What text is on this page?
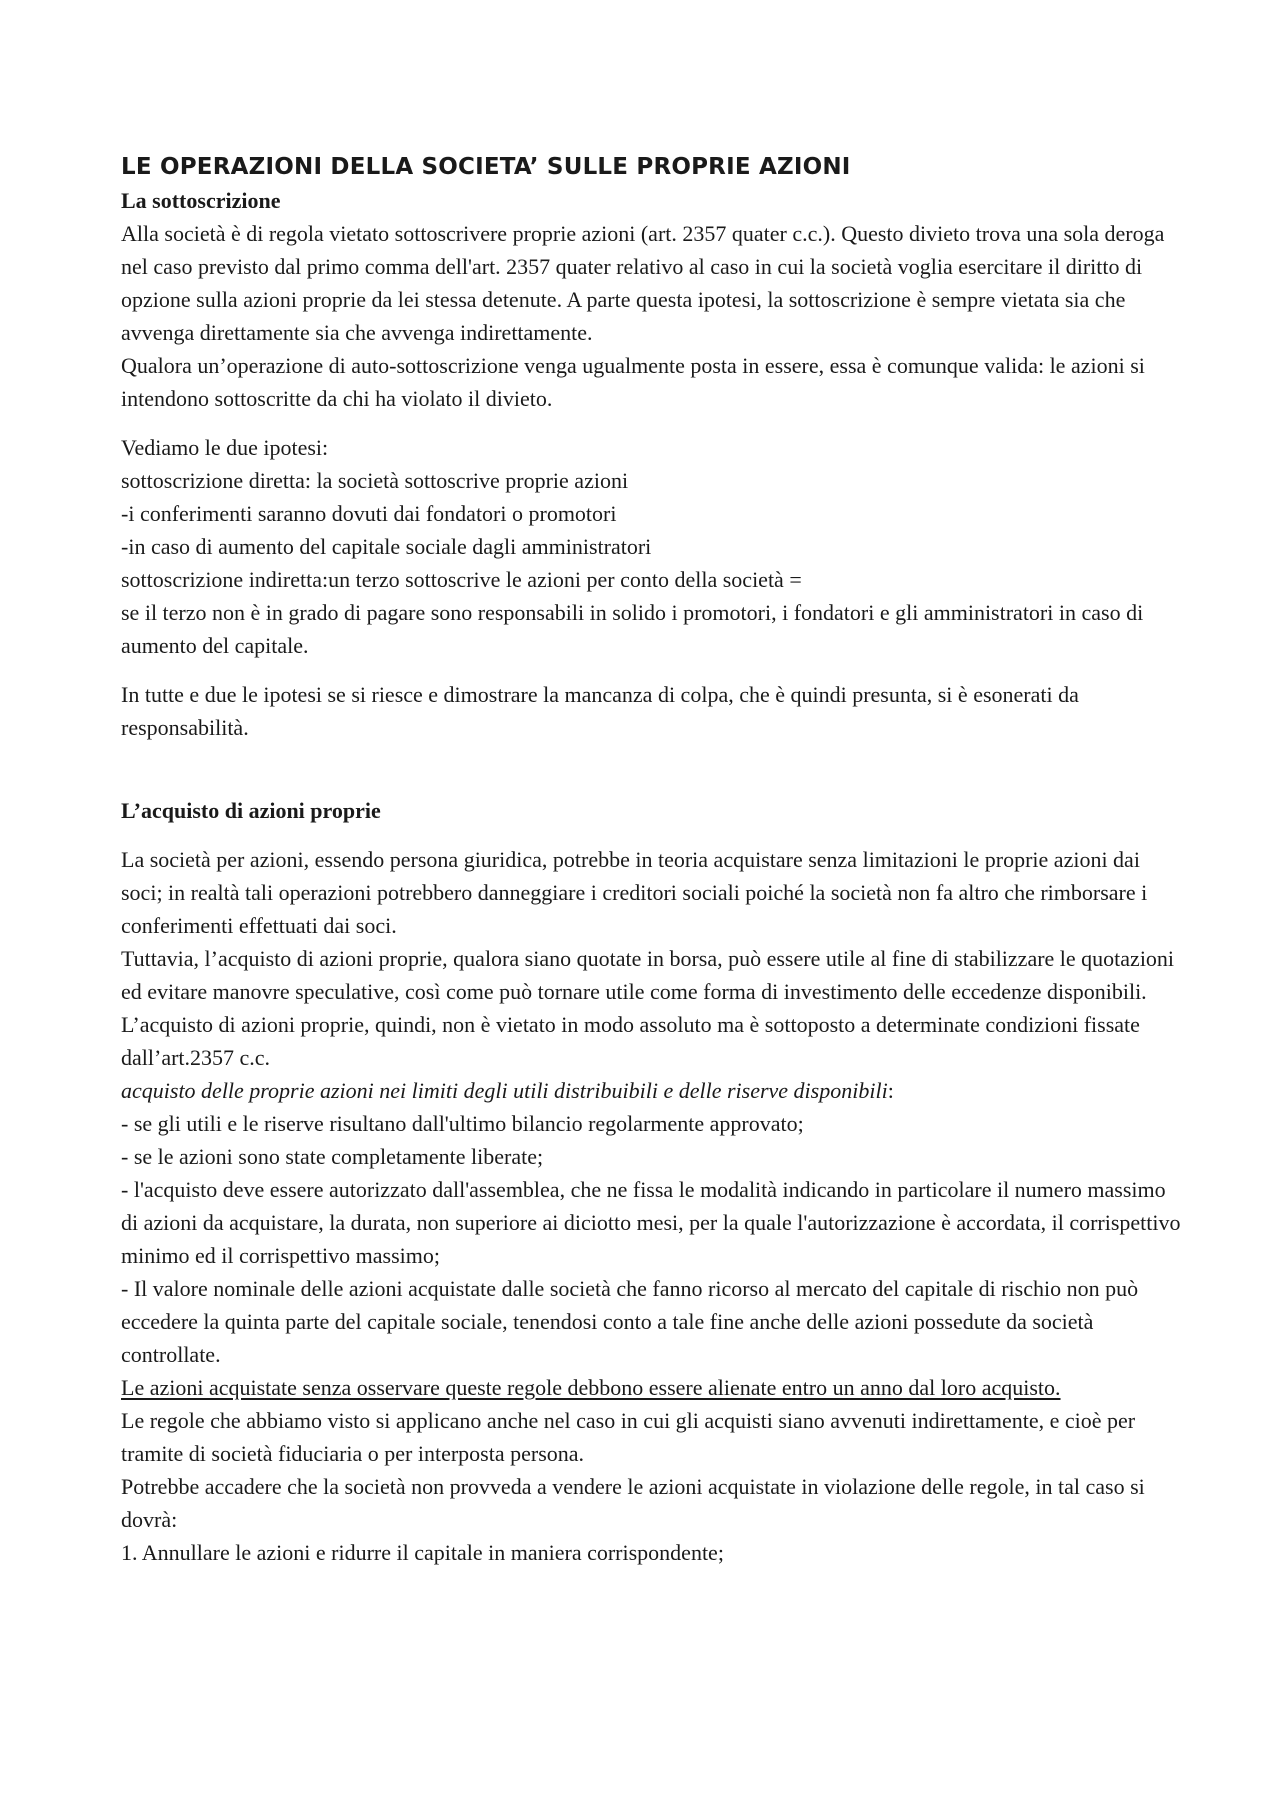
LE OPERAZIONI DELLA SOCIETA’ SULLE PROPRIE AZIONI

La sottoscrizione

Alla società è di regola vietato sottoscrivere proprie azioni (art. 2357 quater c.c.). Questo divieto trova una sola deroga nel caso previsto dal primo comma dell'art. 2357 quater relativo al caso in cui la società voglia esercitare il diritto di opzione sulla azioni proprie da lei stessa detenute. A parte questa ipotesi, la sottoscrizione è sempre vietata sia che avvenga direttamente sia che avvenga indirettamente.

Qualora un’operazione di auto-sottoscrizione venga ugualmente posta in essere, essa è comunque valida: le azioni si intendono sottoscritte da chi ha violato il divieto.

Vediamo le due ipotesi:

sottoscrizione diretta: la società sottoscrive proprie azioni

-i conferimenti saranno dovuti dai fondatori o promotori

-in caso di aumento del capitale sociale dagli amministratori

sottoscrizione indiretta:un terzo sottoscrive le azioni per conto della società =

se il terzo non è in grado di pagare sono responsabili in solido i promotori, i fondatori e gli amministratori in caso di aumento del capitale.

In tutte e due le ipotesi se si riesce e dimostrare la mancanza di colpa, che è quindi presunta, si è esonerati da responsabilità.

L’acquisto di azioni proprie

La società per azioni, essendo persona giuridica, potrebbe in teoria acquistare senza limitazioni le proprie azioni dai soci; in realtà tali operazioni potrebbero danneggiare i creditori sociali poiché la società non fa altro che rimborsare i conferimenti effettuati dai soci.

Tuttavia, l’acquisto di azioni proprie, qualora siano quotate in borsa, può essere utile al fine di stabilizzare le quotazioni ed evitare manovre speculative, così come può tornare utile come forma di investimento delle eccedenze disponibili.

L’acquisto di azioni proprie, quindi, non è vietato in modo assoluto ma è sottoposto a determinate condizioni fissate dall’art.2357 c.c.

acquisto delle proprie azioni nei limiti degli utili distribuibili e delle riserve disponibili:

- se gli utili e le riserve risultano dall'ultimo bilancio regolarmente approvato;

- se le azioni sono state completamente liberate;

- l'acquisto deve essere autorizzato dall'assemblea, che ne fissa le modalità indicando in particolare il numero massimo di azioni da acquistare, la durata, non superiore ai diciotto mesi, per la quale l'autorizzazione è accordata, il corrispettivo minimo ed il corrispettivo massimo;

- Il valore nominale delle azioni acquistate dalle società che fanno ricorso al mercato del capitale di rischio non può eccedere la quinta parte del capitale sociale, tenendosi conto a tale fine anche delle azioni possedute da società controllate.

Le azioni acquistate senza osservare queste regole debbono essere alienate entro un anno dal loro acquisto.

Le regole che abbiamo visto si applicano anche nel caso in cui gli acquisti siano avvenuti indirettamente, e cioè per tramite di società fiduciaria o per interposta persona.

Potrebbe accadere che la società non provveda a vendere le azioni acquistate in violazione delle regole, in tal caso si dovrà:

1. Annullare le azioni e ridurre il capitale in maniera corrispondente;
